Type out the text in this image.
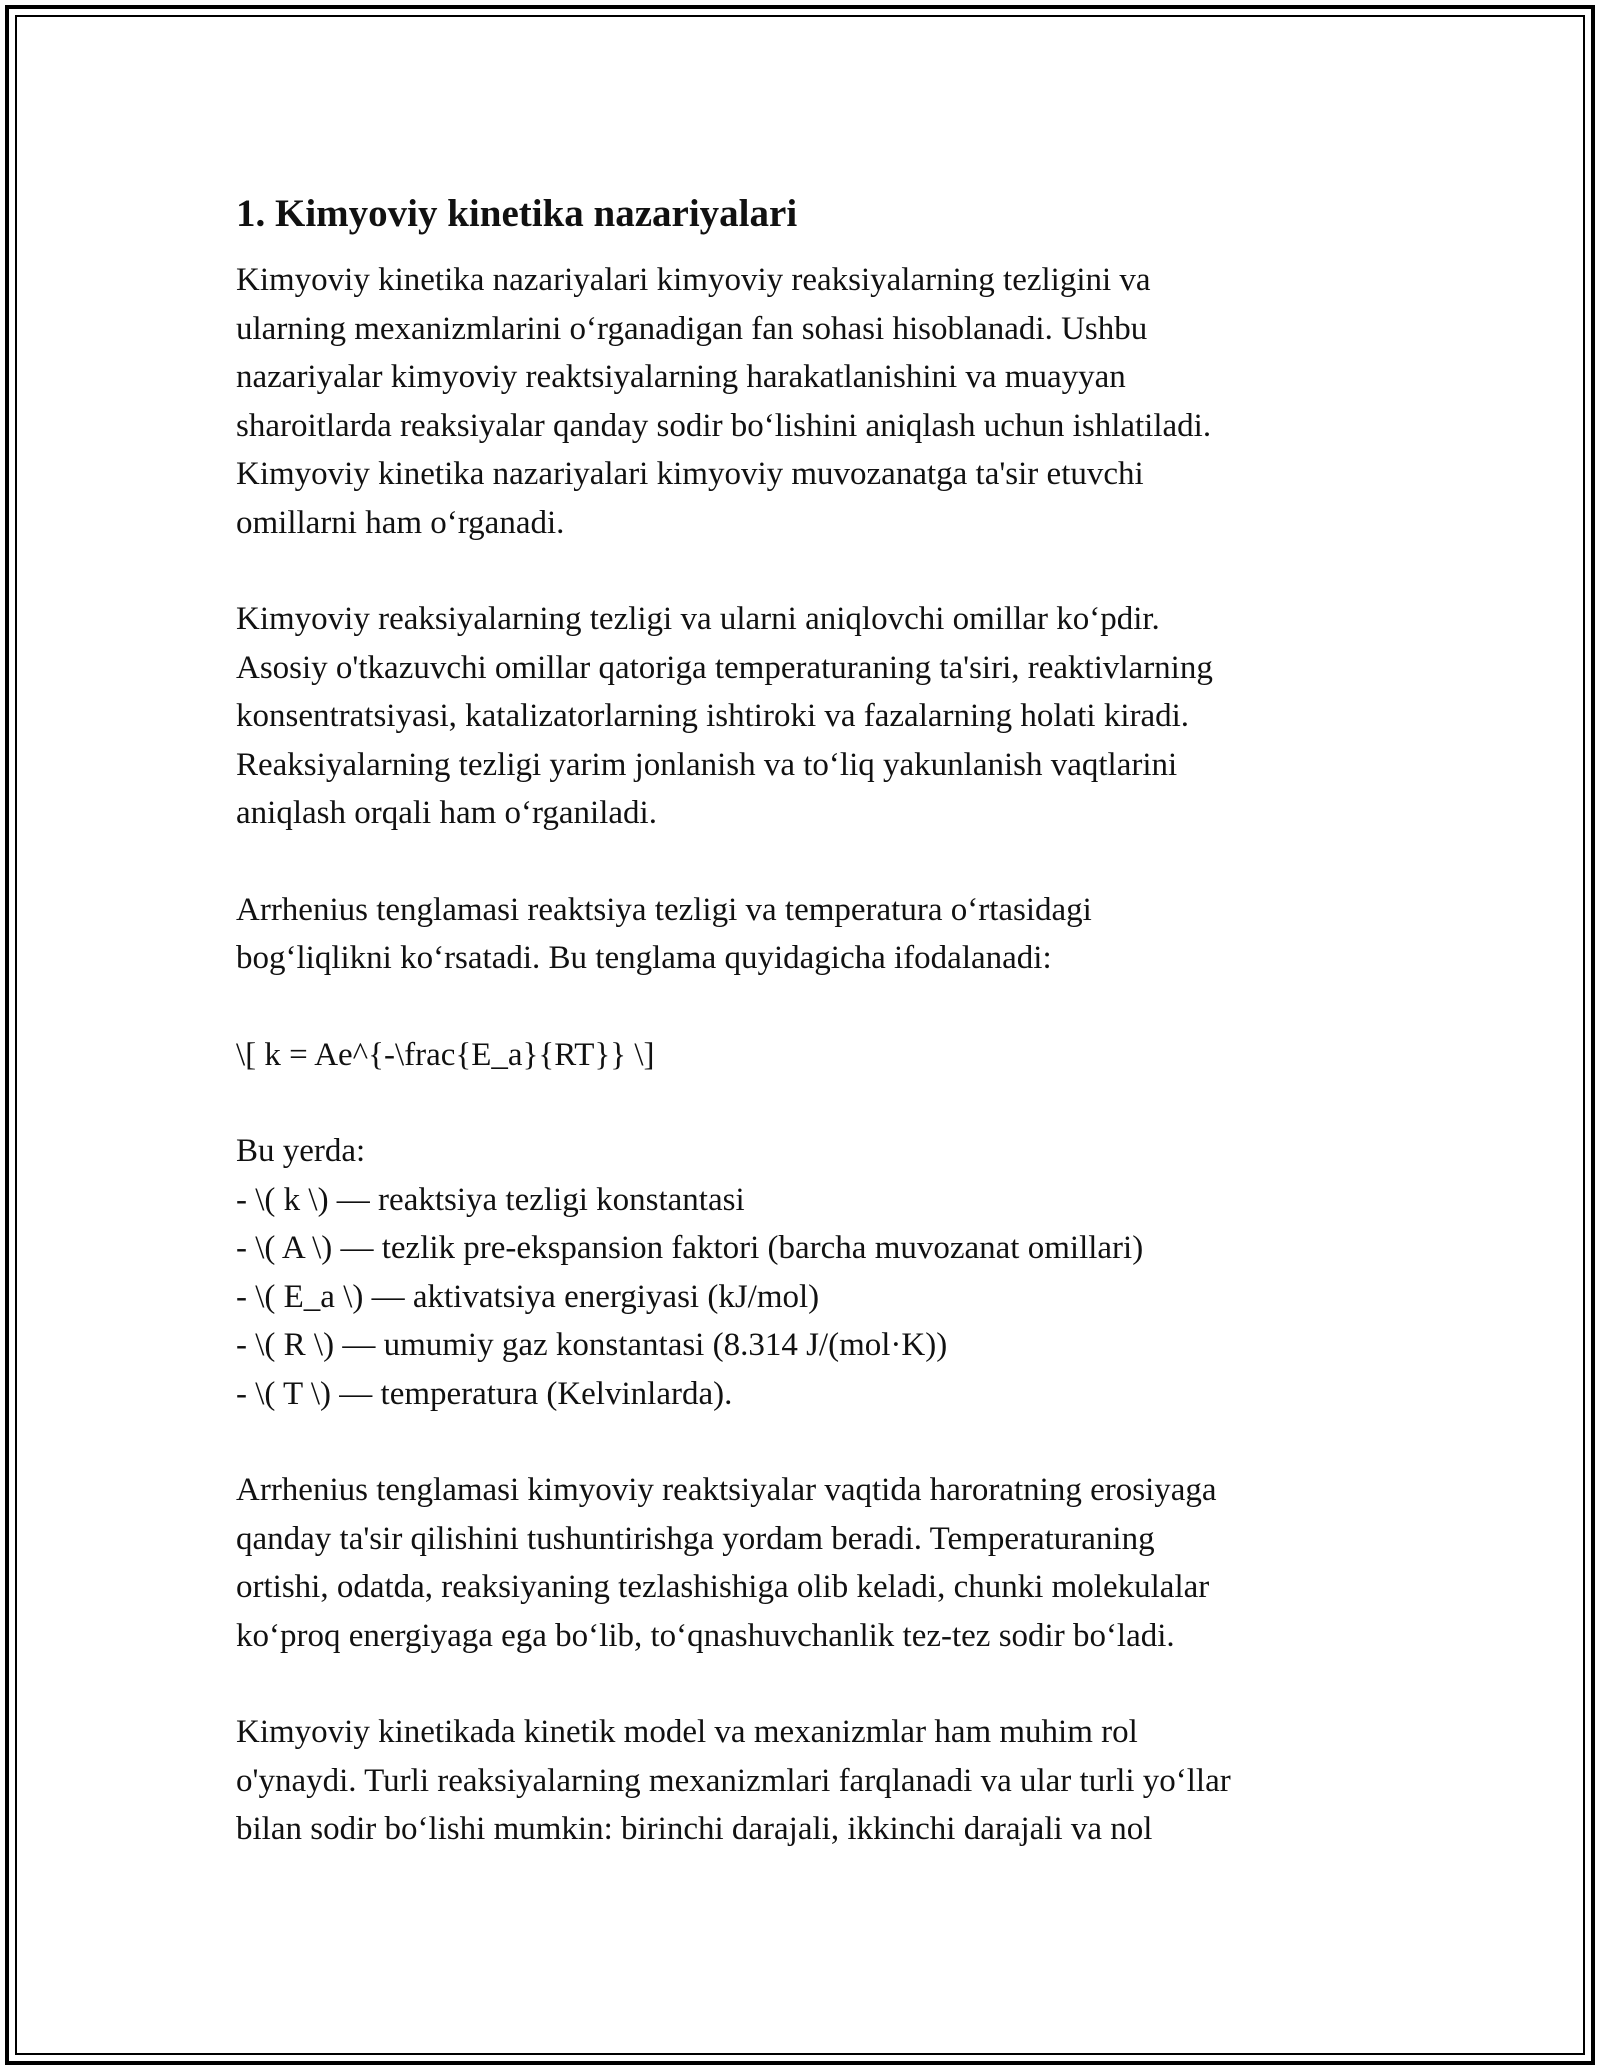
1. Kimyoviy kinetika nazariyalari
Kimyoviy kinetika nazariyalari kimyoviy reaksiyalarning tezligini va
ularning mexanizmlarini o‘rganadigan fan sohasi hisoblanadi. Ushbu
nazariyalar kimyoviy reaktsiyalarning harakatlanishini va muayyan
sharoitlarda reaksiyalar qanday sodir bo‘lishini aniqlash uchun ishlatiladi.
Kimyoviy kinetika nazariyalari kimyoviy muvozanatga ta'sir etuvchi
omillarni ham o‘rganadi.
Kimyoviy reaksiyalarning tezligi va ularni aniqlovchi omillar ko‘pdir.
Asosiy o'tkazuvchi omillar qatoriga temperaturaning ta'siri, reaktivlarning
konsentratsiyasi, katalizatorlarning ishtiroki va fazalarning holati kiradi.
Reaksiyalarning tezligi yarim jonlanish va to‘liq yakunlanish vaqtlarini
aniqlash orqali ham o‘rganiladi.
Arrhenius tenglamasi reaktsiya tezligi va temperatura o‘rtasidagi
bog‘liqlikni ko‘rsatadi. Bu tenglama quyidagicha ifodalanadi:
\[ k = Ae^{-\frac{E_a}{RT}} \]
Bu yerda:
- \( k \) — reaktsiya tezligi konstantasi
- \( A \) — tezlik pre-ekspansion faktori (barcha muvozanat omillari)
- \( E_a \) — aktivatsiya energiyasi (kJ/mol)
- \( R \) — umumiy gaz konstantasi (8.314 J/(mol·K))
- \( T \) — temperatura (Kelvinlarda).
Arrhenius tenglamasi kimyoviy reaktsiyalar vaqtida haroratning erosiyaga
qanday ta'sir qilishini tushuntirishga yordam beradi. Temperaturaning
ortishi, odatda, reaksiyaning tezlashishiga olib keladi, chunki molekulalar
ko‘proq energiyaga ega bo‘lib, to‘qnashuvchanlik tez-tez sodir bo‘ladi.
Kimyoviy kinetikada kinetik model va mexanizmlar ham muhim rol
o'ynaydi. Turli reaksiyalarning mexanizmlari farqlanadi va ular turli yo‘llar
bilan sodir bo‘lishi mumkin: birinchi darajali, ikkinchi darajali va nol
